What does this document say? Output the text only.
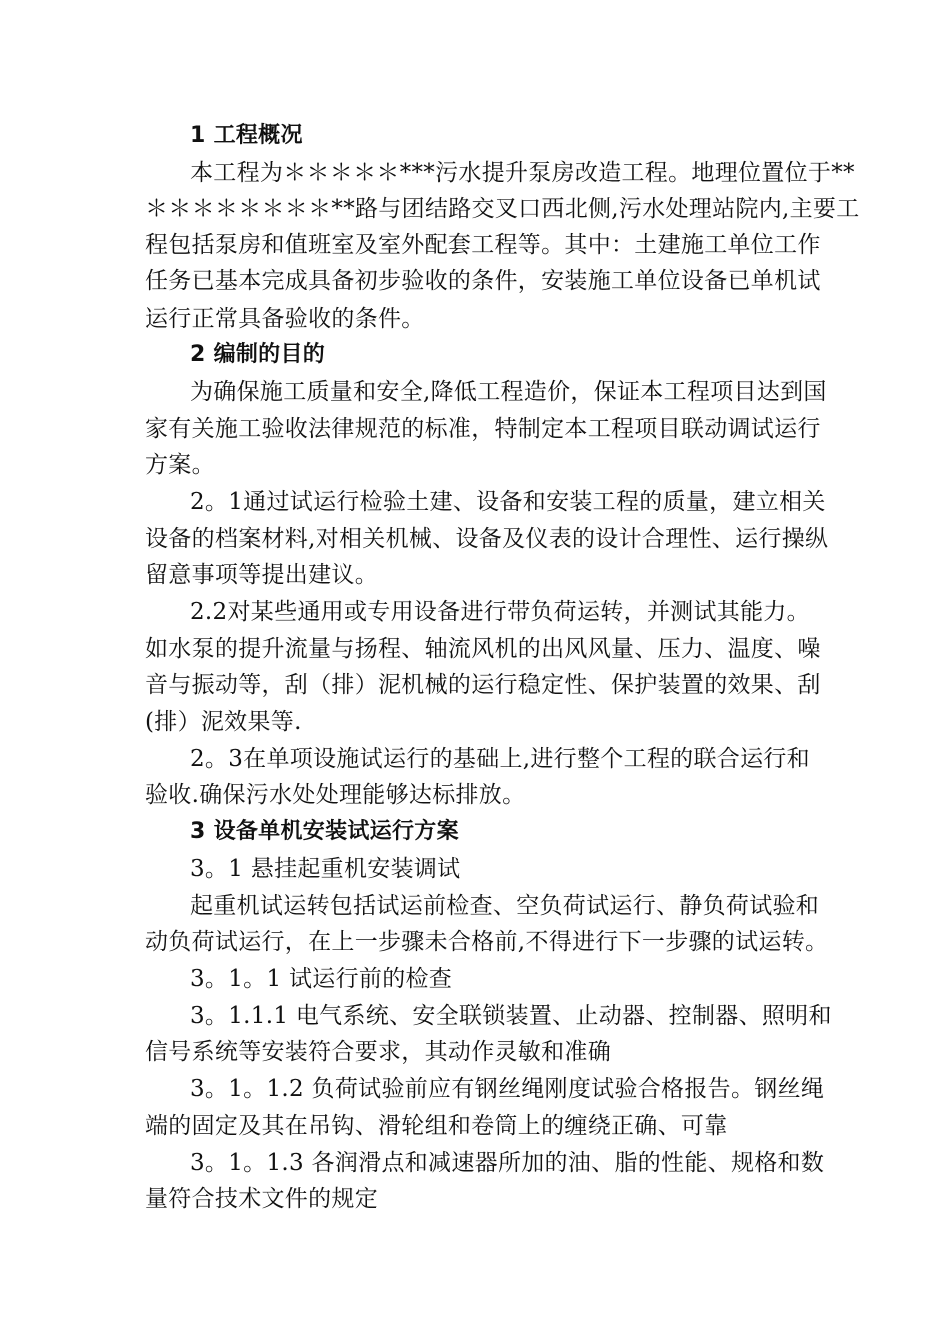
1 工程概况

本工程为＊＊＊＊＊***污水提升泵房改造工程。地理位置位于**

＊＊＊＊＊＊＊＊**路与团结路交叉口西北侧,污水处理站院内,主要工

程包括泵房和值班室及室外配套工程等。其中：土建施工单位工作

任务已基本完成具备初步验收的条件，安装施工单位设备已单机试

运行正常具备验收的条件。

2 编制的目的

为确保施工质量和安全,降低工程造价，保证本工程项目达到国

家有关施工验收法律规范的标准，特制定本工程项目联动调试运行

方案。

2。1通过试运行检验土建、设备和安装工程的质量，建立相关

设备的档案材料,对相关机械、设备及仪表的设计合理性、运行操纵

留意事项等提出建议。

2.2对某些通用或专用设备进行带负荷运转，并测试其能力。

如水泵的提升流量与扬程、轴流风机的出风风量、压力、温度、噪

音与振动等，刮（排）泥机械的运行稳定性、保护装置的效果、刮

(排）泥效果等.

2。3在单项设施试运行的基础上,进行整个工程的联合运行和

验收.确保污水处处理能够达标排放。

3 设备单机安装试运行方案

3。1 悬挂起重机安装调试

起重机试运转包括试运前检查、空负荷试运行、静负荷试验和

动负荷试运行，在上一步骤未合格前,不得进行下一步骤的试运转。

3。1。1 试运行前的检查

3。1.1.1 电气系统、安全联锁装置、止动器、控制器、照明和

信号系统等安装符合要求，其动作灵敏和准确

3。1。1.2 负荷试验前应有钢丝绳刚度试验合格报告。钢丝绳

端的固定及其在吊钩、滑轮组和卷筒上的缠绕正确、可靠

3。1。1.3 各润滑点和减速器所加的油、脂的性能、规格和数

量符合技术文件的规定
